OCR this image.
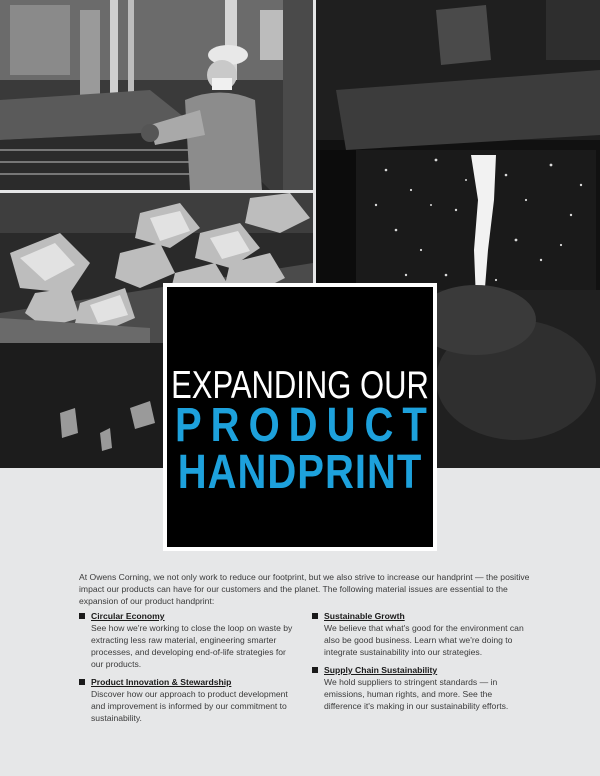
EXPANDING OUR
PRODUCT
HANDPRINT
At Owens Corning, we not only work to reduce our footprint, but we also strive to increase our handprint — the positive impact our products can have for our customers and the planet. The following material issues are essential to the expansion of our product handprint:
Circular Economy
See how we're working to close the loop on waste by extracting less raw material, engineering smarter processes, and developing end-of-life strategies for our products.
Product Innovation & Stewardship
Discover how our approach to product development and improvement is informed by our commitment to sustainability.
Sustainable Growth
We believe that what's good for the environment can also be good business. Learn what we're doing to integrate sustainability into our strategies.
Supply Chain Sustainability
We hold suppliers to stringent standards — in emissions, human rights, and more. See the difference it's making in our sustainability efforts.
